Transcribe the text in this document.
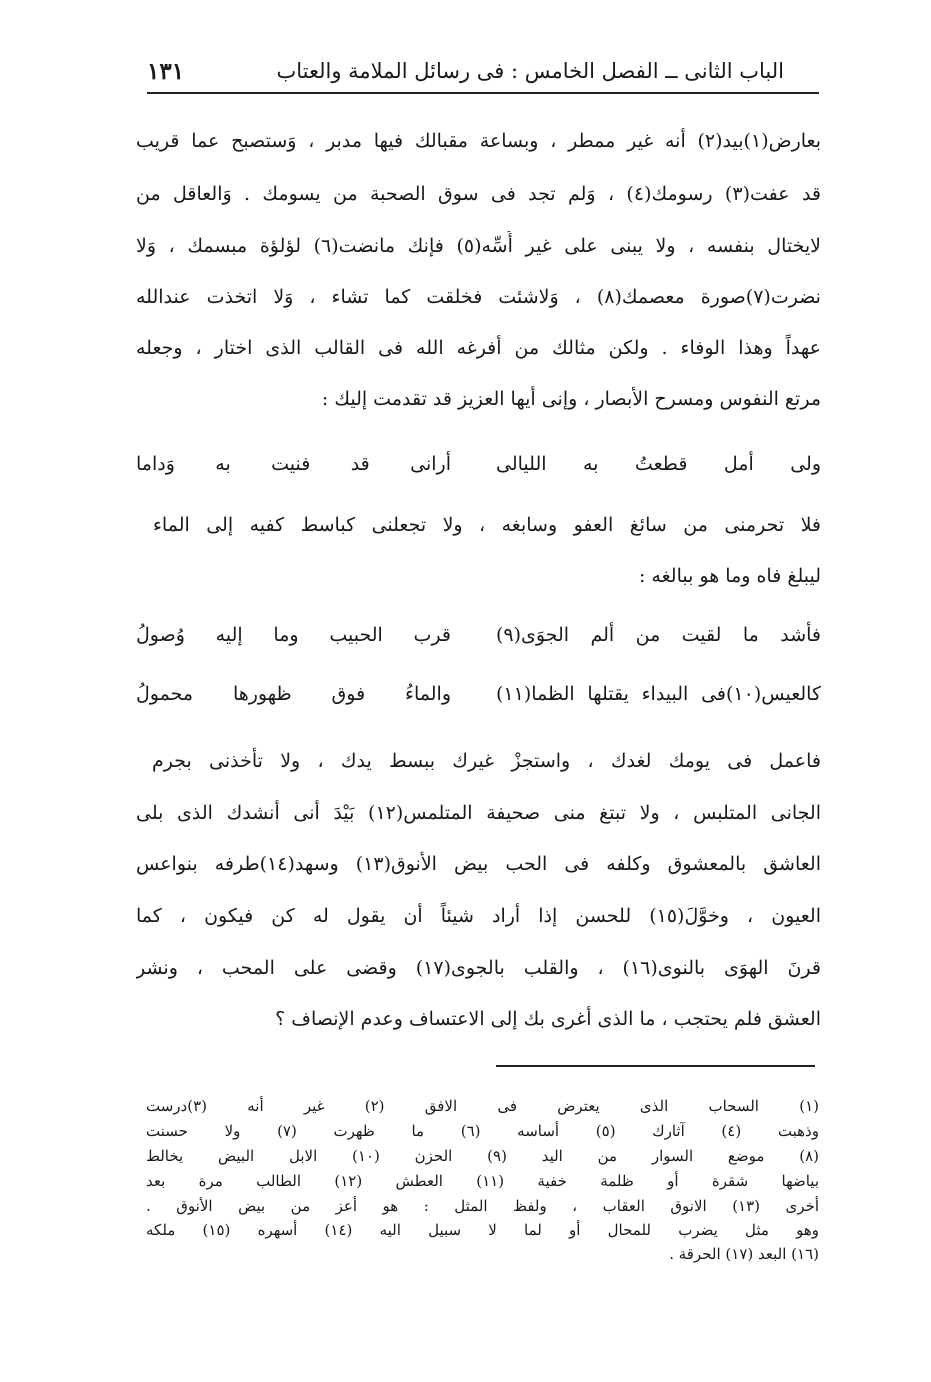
الباب الثانى ــ الفصل الخامس : فى رسائل الملامة والعتاب
١٣١
بعارض(١)بيد(٢) أنه غير ممطر ، وبساعة مقبالك فيها مدبر ، وَستصبح عما قريب
قد عفت(٣) رسومك(٤) ، وَلم تجد فى سوق الصحبة من يسومك . وَالعاقل من
لايختال بنفسه ، ولا يبنى على غير أُسِّه(٥) فإنك مانضت(٦) لؤلؤة مبسمك ، وَلا
نضرت(٧)صورة معصمك(٨) ، وَلاشئت فخلقت كما تشاء ، وَلا اتخذت عندالله
عهداً وهذا الوفاء . ولكن مثالك من أفرغه الله فى القالب الذى اختار ، وجعله
مرتع النفوس ومسرح الأبصار ، وإنى أيها العزيز قد تقدمت إليك :
ولى أمل قطعتُ به الليالى
أرانى قد فنيت به وَداما
فلا تحرمنى من سائغ العفو وسابغه ، ولا تجعلنى كباسط كفيه إلى الماء
ليبلغ فاه وما هو ببالغه :
فأشد ما لقيت من ألم الجوَى(٩)
قرب الحبيب وما إليه وُصولُ
كالعيس(١٠)فى البيداء يقتلها الظما(١١)
والماءُ فوق ظهورها محمولُ
فاعمل فى يومك لغدك ، واستجزْ غيرك ببسط يدك ، ولا تأخذنى بجرم
الجانى المتلبس ، ولا تبتغ منى صحيفة المتلمس(١٢) بَيْدَ أنى أنشدك الذى بلى
العاشق بالمعشوق وكلفه فى الحب بيض الأنوق(١٣) وسهد(١٤)طرفه بنواعس
العيون ، وخوَّلَ(١٥) للحسن إذا أراد شيئاً أن يقول له كن فيكون ، كما
قرنَ الهوَى بالنوى(١٦) ، والقلب بالجوى(١٧) وقضى على المحب ، ونشر
العشق فلم يحتجب ، ما الذى أغرى بك إلى الاعتساف وعدم الإنصاف ؟
(١) السحاب الذى يعترض فى الافق (٢) غير أنه (٣)درست
وذهبت (٤) آثارك (٥) أساسه (٦) ما ظهرت (٧) ولا حسنت
(٨) موضع السوار من اليد (٩) الحزن (١٠) الابل البيض يخالط
بياضها شقرة أو ظلمة خفية (١١) العطش (١٢) الطالب مرة بعد
أخرى (١٣) الانوق العقاب ، ولفظ المثل : هو أعز من بيض الأنوق .
وهو مثل يضرب للمحال أو لما لا سبيل اليه (١٤) أسهره (١٥) ملكه
(١٦) البعد (١٧) الحرقة .
